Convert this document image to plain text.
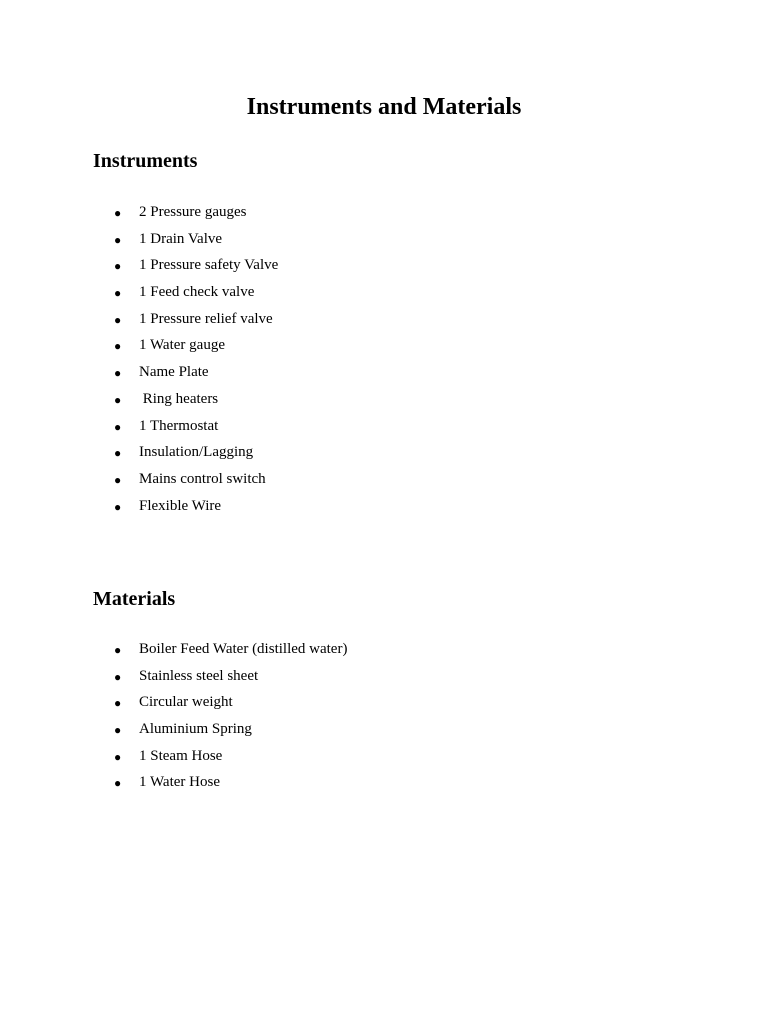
Instruments and Materials
Instruments
● 2 Pressure gauges
● 1 Drain Valve
● 1 Pressure safety Valve
● 1 Feed check valve
● 1 Pressure relief valve
● 1 Water gauge
● Name Plate
● Ring heaters
● 1 Thermostat
● Insulation/Lagging
● Mains control switch
● Flexible Wire
Materials
● Boiler Feed Water (distilled water)
● Stainless steel sheet
● Circular weight
● Aluminium Spring
● 1 Steam Hose
● 1 Water Hose
